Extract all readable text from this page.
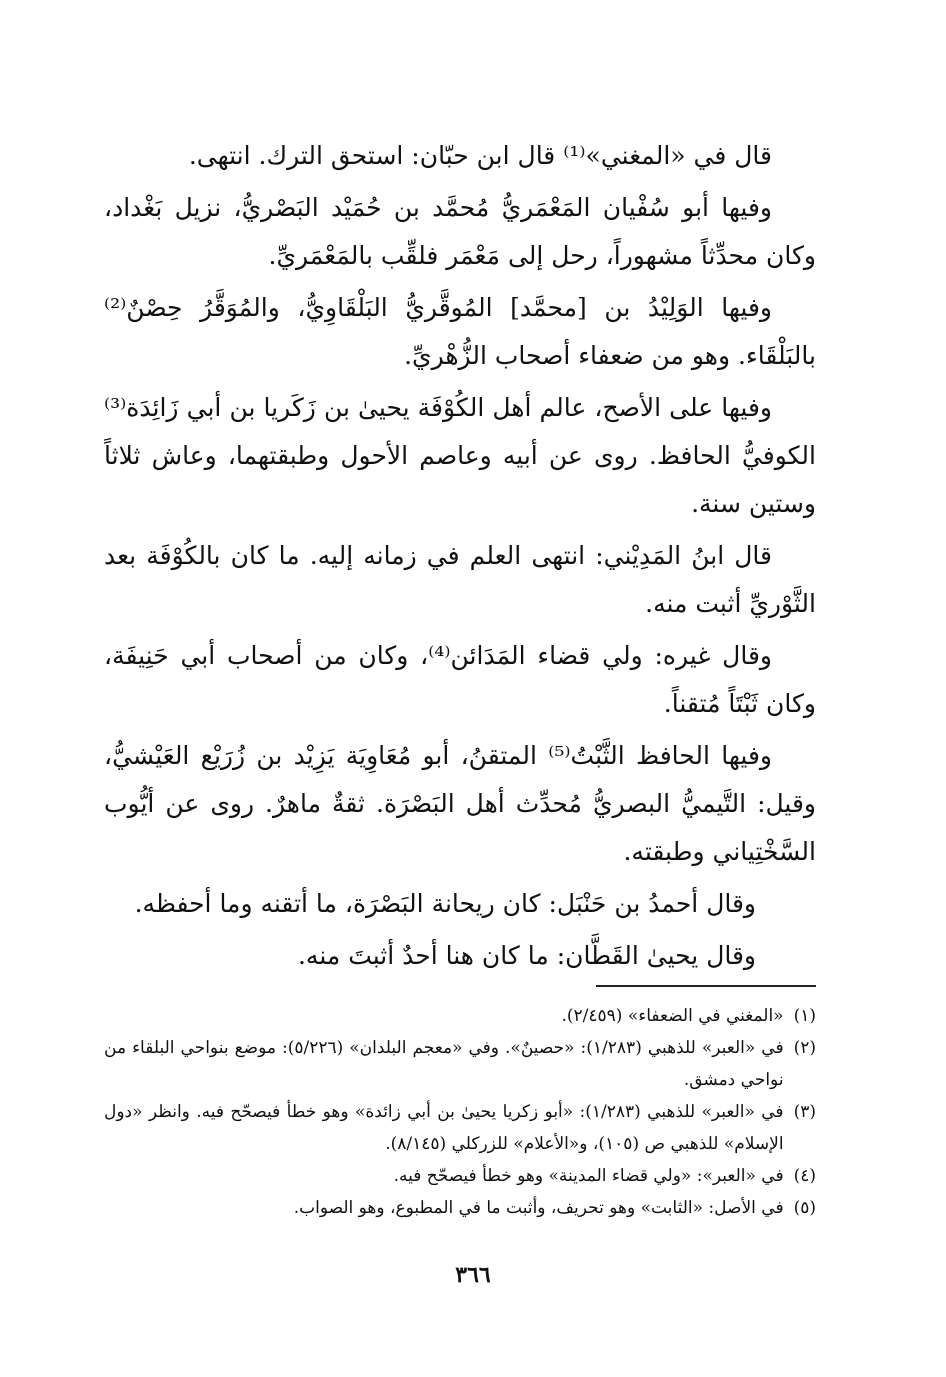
قال في «المغني»⁽¹⁾ قال ابن حبّان: استحق الترك. انتهى.

وفيها أبو سُفْيان المَعْمَريُّ مُحمَّد بن حُمَيْد البَصْريُّ، نزيل بَغْداد، وكان محدِّثاً مشهوراً، رحل إلى مَعْمَر فلقِّب بالمَعْمَريِّ.

وفيها الوَلِيْدُ بن [محمَّد] المُوقَّريُّ البَلْقَاوِيُّ، والمُوَقَّرُ حِصْنٌ⁽²⁾ بالبَلْقَاء. وهو من ضعفاء أصحاب الزُّهْريِّ.

وفيها على الأصح، عالم أهل الكُوْفَة يحيىٰ بن زَكَريا بن أبي زَائِدَة⁽³⁾ الكوفيُّ الحافظ. روى عن أبيه وعاصم الأحول وطبقتهما، وعاش ثلاثاً وستين سنة.

قال ابنُ المَدِيْني: انتهى العلم في زمانه إليه. ما كان بالكُوْفَة بعد الثَّوْريِّ أثبت منه.

وقال غيره: ولي قضاء المَدَائن⁽⁴⁾، وكان من أصحاب أبي حَنِيفَة، وكان ثَبْتَاً مُتقناً.

وفيها الحافظ الثَّبْتُ⁽⁵⁾ المتقنُ، أبو مُعَاوِيَة يَزِيْد بن زُرَيْع العَيْشيُّ، وقيل: التَّيميُّ البصريُّ مُحدِّث أهل البَصْرَة. ثقةٌ ماهرٌ. روى عن أيُّوب السَّخْتِياني وطبقته.

وقال أحمدُ بن حَنْبَل: كان ريحانة البَصْرَة، ما أتقنه وما أحفظه.

وقال يحيىٰ القَطَّان: ما كان هنا أحدٌ أثبتَ منه.

(١)
«المغني في الضعفاء» (٢/٤٥٩).
(٢)
في «العبر» للذهبي (١/٢٨٣): «حصينٌ». وفي «معجم البلدان» (٥/٢٢٦): موضع بنواحي البلقاء من نواحي دمشق.
(٣)
في «العبر» للذهبي (١/٢٨٣): «أبو زكريا يحيىٰ بن أبي زائدة» وهو خطأ فيصحّح فيه. وانظر «دول الإسلام» للذهبي ص (١٠٥)، و«الأعلام» للزركلي (٨/١٤٥).
(٤)
في «العبر»: «ولي قضاء المدينة» وهو خطأ فيصحّح فيه.
(٥)
في الأصل: «الثابت» وهو تحريف، وأثبت ما في المطبوع، وهو الصواب.
٣٦٦
